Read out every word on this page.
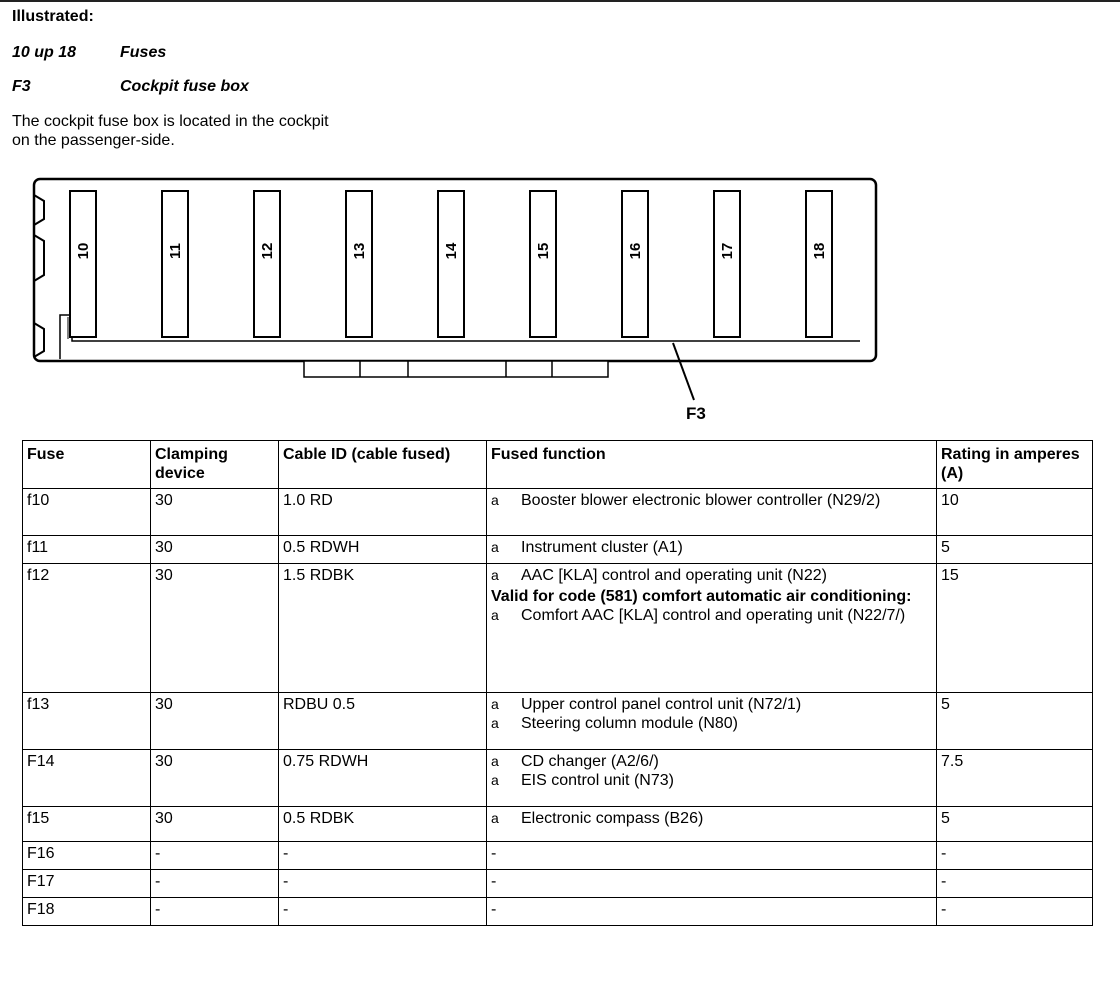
Illustrated:
10 up 18	Fuses
F3	Cockpit fuse box
The cockpit fuse box is located in the cockpit
on the passenger-side.
F3
10	11	12	13	14	15	16	17	18
Fuse	Clamping device	Cable ID (cable fused)	Fused function	Rating in amperes (A)
f10	30	1.0 RD	a Booster blower electronic blower controller (N29/2)	10
f11	30	0.5 RDWH	a Instrument cluster (A1)	5
f12	30	1.5 RDBK	a AAC [KLA] control and operating unit (N22)
Valid for code (581) comfort automatic air conditioning:
a Comfort AAC [KLA] control and operating unit (N22/7/)	15
f13	30	RDBU 0.5	a Upper control panel control unit (N72/1)
a Steering column module (N80)	5
F14	30	0.75 RDWH	a CD changer (A2/6/)
a EIS control unit (N73)	7.5
f15	30	0.5 RDBK	a Electronic compass (B26)	5
F16	-	-	-	-
F17	-	-	-	-
F18	-	-	-	-
